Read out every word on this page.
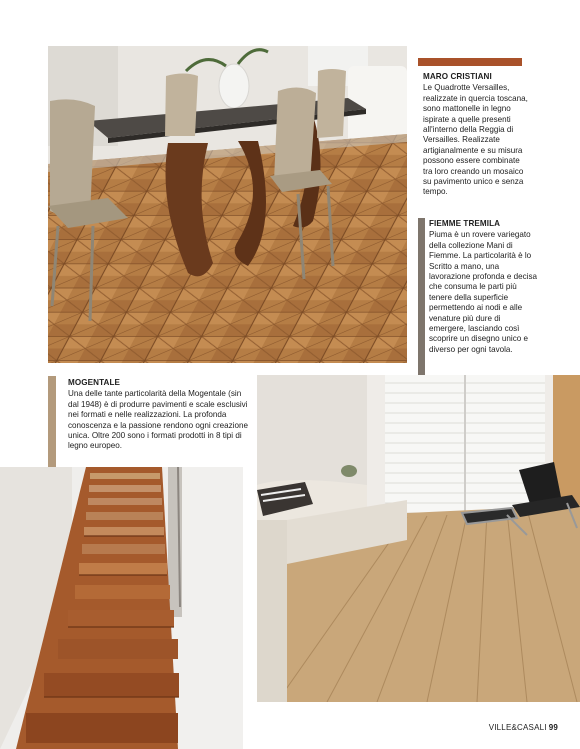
MARO CRISTIANI

Le Quadrotte Versailles, realizzate in quercia toscana, sono mattonelle in legno ispirate a quelle presenti all'interno della Reggia di Versailles. Realizzate artigianalmente e su misura possono essere combinate tra loro creando un mosaico su pavimento unico e senza tempo.

FIEMME TREMILA

Piuma è un rovere variegato della collezione Mani di Fiemme. La particolarità è lo Scritto a mano, una lavorazione profonda e decisa che consuma le parti più tenere della superficie permettendo ai nodi e alle venature più dure di emergere, lasciando così scoprire un disegno unico e diverso per ogni tavola.

MOGENTALE

Una delle tante particolarità della Mogentale (sin dal 1948) è di produrre pavimenti e scale esclusivi nei formati e nelle realizzazioni. La profonda conoscenza e la passione rendono ogni creazione unica. Oltre 200 sono i formati prodotti in 8 tipi di legno europeo.

VILLE&CASALI 99
